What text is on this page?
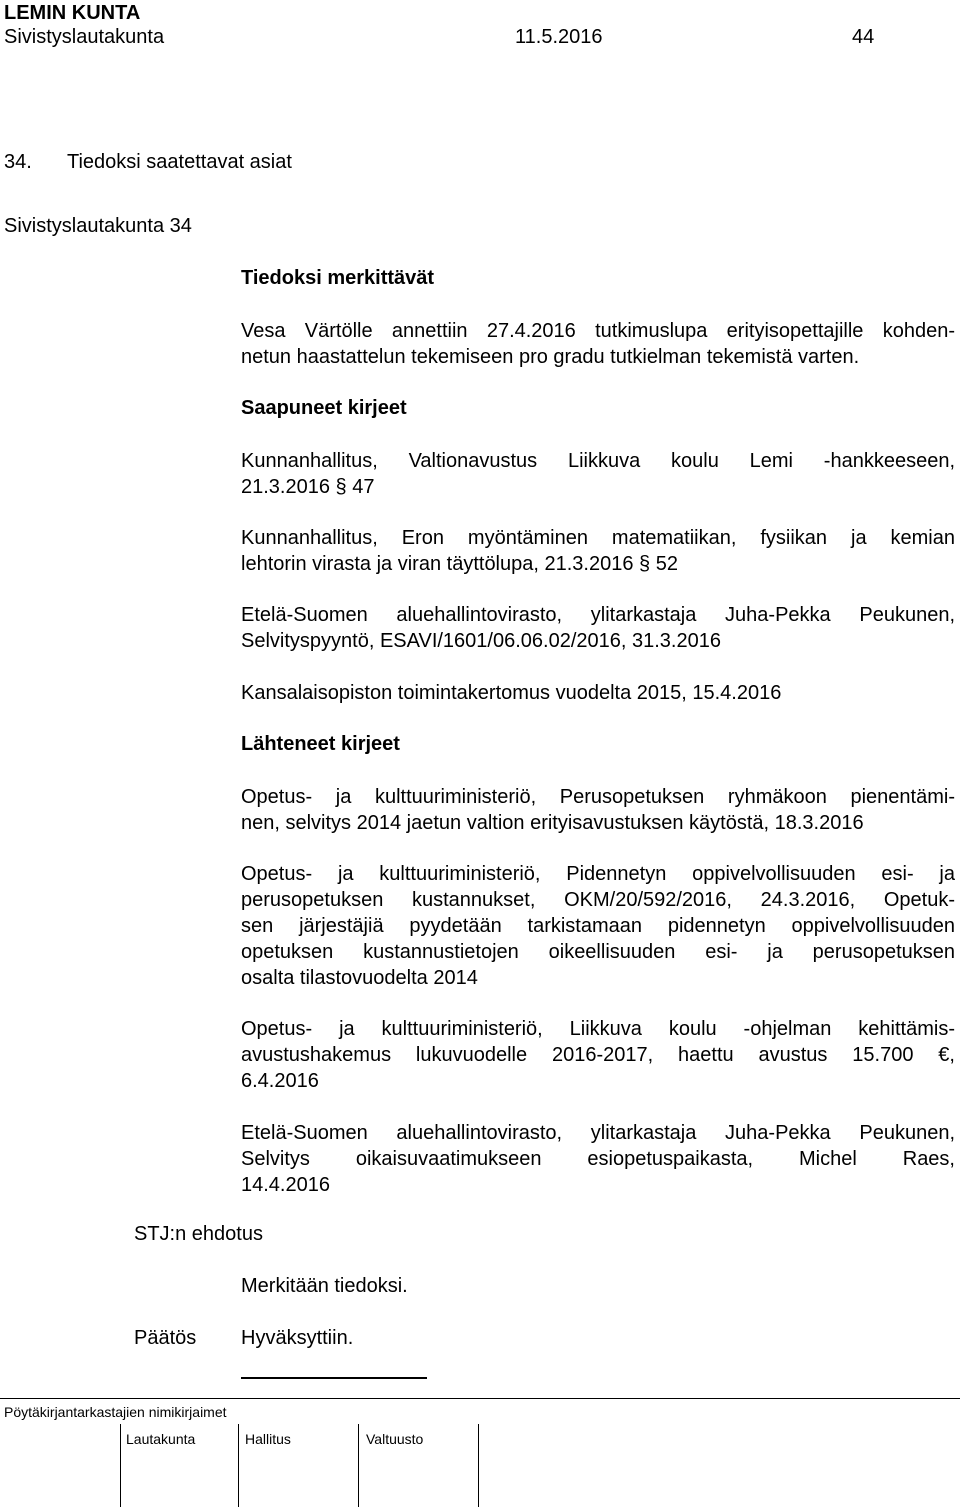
LEMIN KUNTA
Sivistyslautakunta	11.5.2016	44
34. Tiedoksi saatettavat asiat
Sivistyslautakunta 34
Tiedoksi merkittävät
Vesa Värtölle annettiin 27.4.2016 tutkimuslupa erityisopettajille kohden-
netun haastattelun tekemiseen pro gradu tutkielman tekemistä varten.
Saapuneet kirjeet
Kunnanhallitus, Valtionavustus Liikkuva koulu Lemi -hankkeeseen,
21.3.2016 § 47
Kunnanhallitus, Eron myöntäminen matematiikan, fysiikan ja kemian
lehtorin virasta ja viran täyttölupa, 21.3.2016 § 52
Etelä-Suomen aluehallintovirasto, ylitarkastaja Juha-Pekka Peukunen,
Selvityspyyntö, ESAVI/1601/06.06.02/2016, 31.3.2016
Kansalaisopiston toimintakertomus vuodelta 2015, 15.4.2016
Lähteneet kirjeet
Opetus- ja kulttuuriministeriö, Perusopetuksen ryhmäkoon pienentämi-
nen, selvitys 2014 jaetun valtion erityisavustuksen käytöstä, 18.3.2016
Opetus- ja kulttuuriministeriö, Pidennetyn oppivelvollisuuden esi- ja
perusopetuksen kustannukset, OKM/20/592/2016, 24.3.2016, Opetuk-
sen järjestäjiä pyydetään tarkistamaan pidennetyn oppivelvollisuuden
opetuksen kustannustietojen oikeellisuuden esi- ja perusopetuksen
osalta tilastovuodelta 2014
Opetus- ja kulttuuriministeriö, Liikkuva koulu -ohjelman kehittämis-
avustushakemus lukuvuodelle 2016-2017, haettu avustus 15.700 €,
6.4.2016
Etelä-Suomen aluehallintovirasto, ylitarkastaja Juha-Pekka Peukunen,
Selvitys oikaisuvaatimukseen esiopetuspaikasta, Michel Raes,
14.4.2016
STJ:n ehdotus
Merkitään tiedoksi.
Päätös Hyväksyttiin.
Pöytäkirjantarkastajien nimikirjaimet
Lautakunta	Hallitus	Valtuusto
